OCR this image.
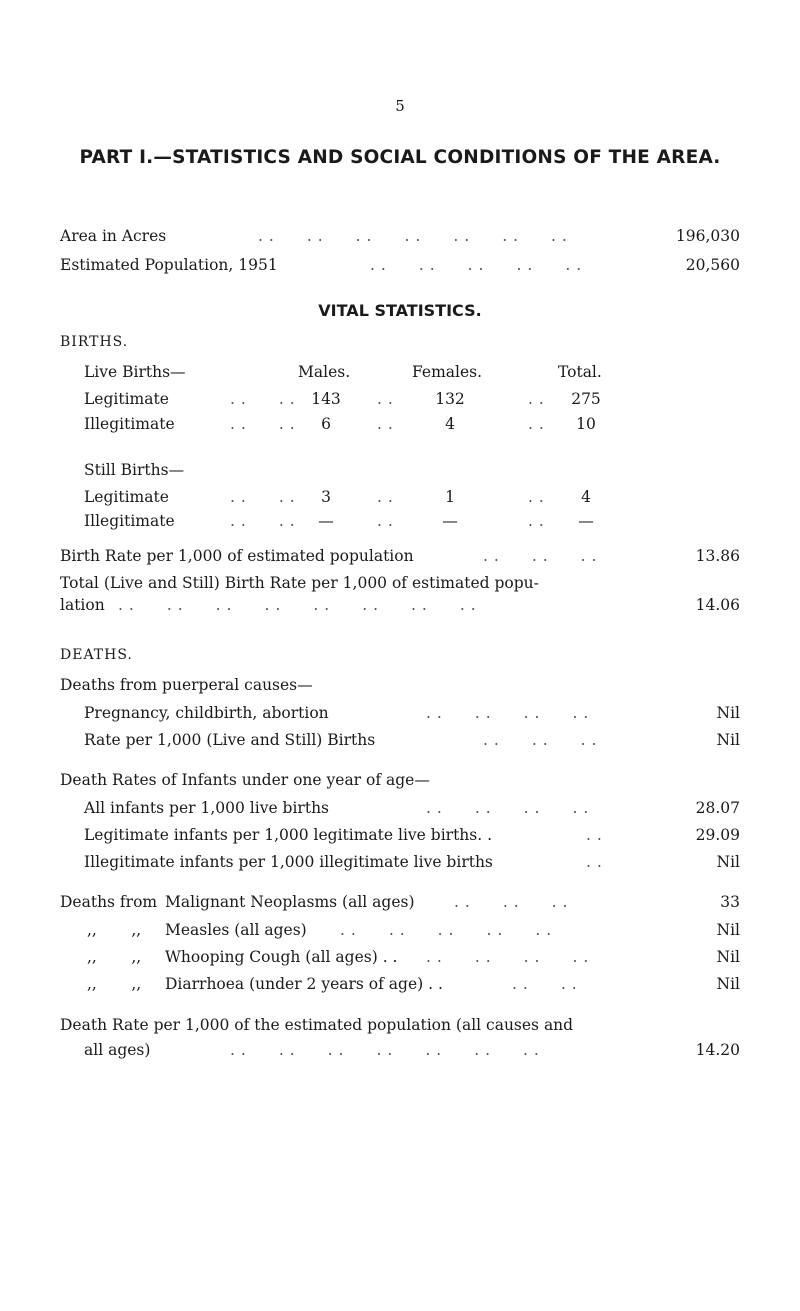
5
PART I.—STATISTICS AND SOCIAL CONDITIONS OF THE AREA.
Area in Acres	. .      . .      . .      . .      . .      . .      . .	196,030
Estimated Population, 1951	. .      . .      . .      . .      . .	20,560
VITAL STATISTICS.
BIRTHS.
Live Births—	Males.	Females.	Total.
Legitimate	. .      . .	143	. .	132	. .	275
Illegitimate	. .      . .	6	. .	4	. .	10
Still Births—
Legitimate	. .      . .	3	. .	1	. .	4
Illegitimate	. .      . .	—	. .	—	. .	—
Birth Rate per 1,000 of estimated population	. .      . .      . .	13.86
Total (Live and Still) Birth Rate per 1,000 of estimated popu-
lation . .      . .      . .      . .      . .      . .      . .      . .	14.06
DEATHS.
Deaths from puerperal causes—
Pregnancy, childbirth, abortion	. .      . .      . .      . .	Nil
Rate per 1,000 (Live and Still) Births	. .      . .      . .	Nil
Death Rates of Infants under one year of age—
All infants per 1,000 live births	. .      . .      . .      . .	28.07
Legitimate infants per 1,000 legitimate live births. .	. .	29.09
Illegitimate infants per 1,000 illegitimate live births	. .	Nil
Deaths from Malignant Neoplasms (all ages)	. .      . .      . .	33
,,       ,, Measles (all ages) . .      . .      . .      . .      . .	Nil
,,       ,, Whooping Cough (all ages) . . . .      . .      . .      . .	Nil
,,       ,, Diarrhoea (under 2 years of age) . .	. .      . .	Nil
Death Rate per 1,000 of the estimated population (all causes and
all ages)	. .      . .      . .      . .      . .      . .      . .	14.20
